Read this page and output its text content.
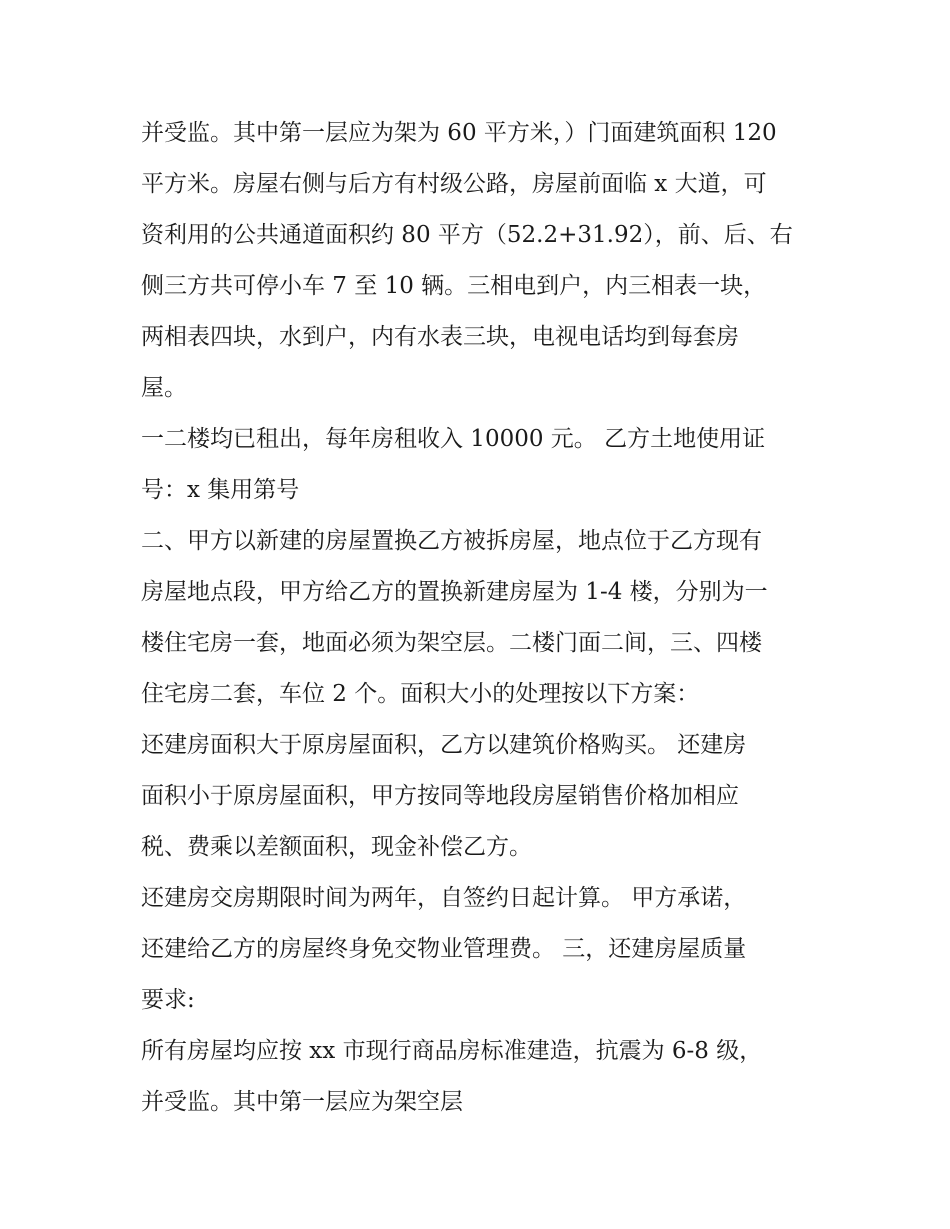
并受监。其中第一层应为架为 60 平方米，）门面建筑面积 120
平方米。房屋右侧与后方有村级公路，房屋前面临 x 大道，可
资利用的公共通道面积约 80 平方（52.2+31.92），前、后、右
侧三方共可停小车 7 至 10 辆。三相电到户，内三相表一块，
两相表四块，水到户，内有水表三块，电视电话均到每套房
屋。
一二楼均已租出，每年房租收入 10000 元。 乙方土地使用证
号：x 集用第号
二、甲方以新建的房屋置换乙方被拆房屋，地点位于乙方现有
房屋地点段，甲方给乙方的置换新建房屋为 1-4 楼，分别为一
楼住宅房一套，地面必须为架空层。二楼门面二间，三、四楼
住宅房二套，车位 2 个。面积大小的处理按以下方案：
还建房面积大于原房屋面积，乙方以建筑价格购买。 还建房
面积小于原房屋面积，甲方按同等地段房屋销售价格加相应
税、费乘以差额面积，现金补偿乙方。
还建房交房期限时间为两年，自签约日起计算。 甲方承诺，
还建给乙方的房屋终身免交物业管理费。 三，还建房屋质量
要求:
所有房屋均应按 xx 市现行商品房标准建造，抗震为 6-8 级，
并受监。其中第一层应为架空层
